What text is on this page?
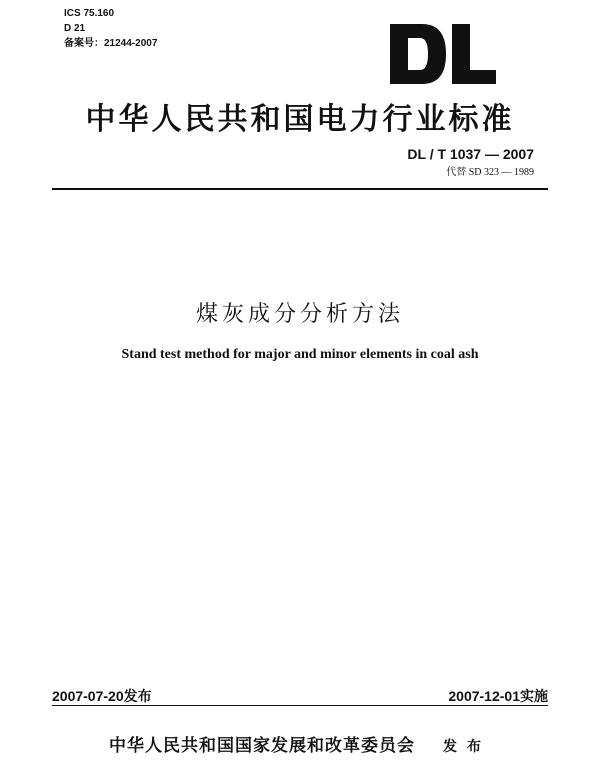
ICS 75.160
D 21
备案号：21244-2007
中华人民共和国电力行业标准
DL / T 1037 — 2007
代替 SD 323 — 1989
煤灰成分分析方法
Stand test method for major and minor elements in coal ash
2007-07-20发布	2007-12-01实施
中华人民共和国国家发展和改革委员会 发布
